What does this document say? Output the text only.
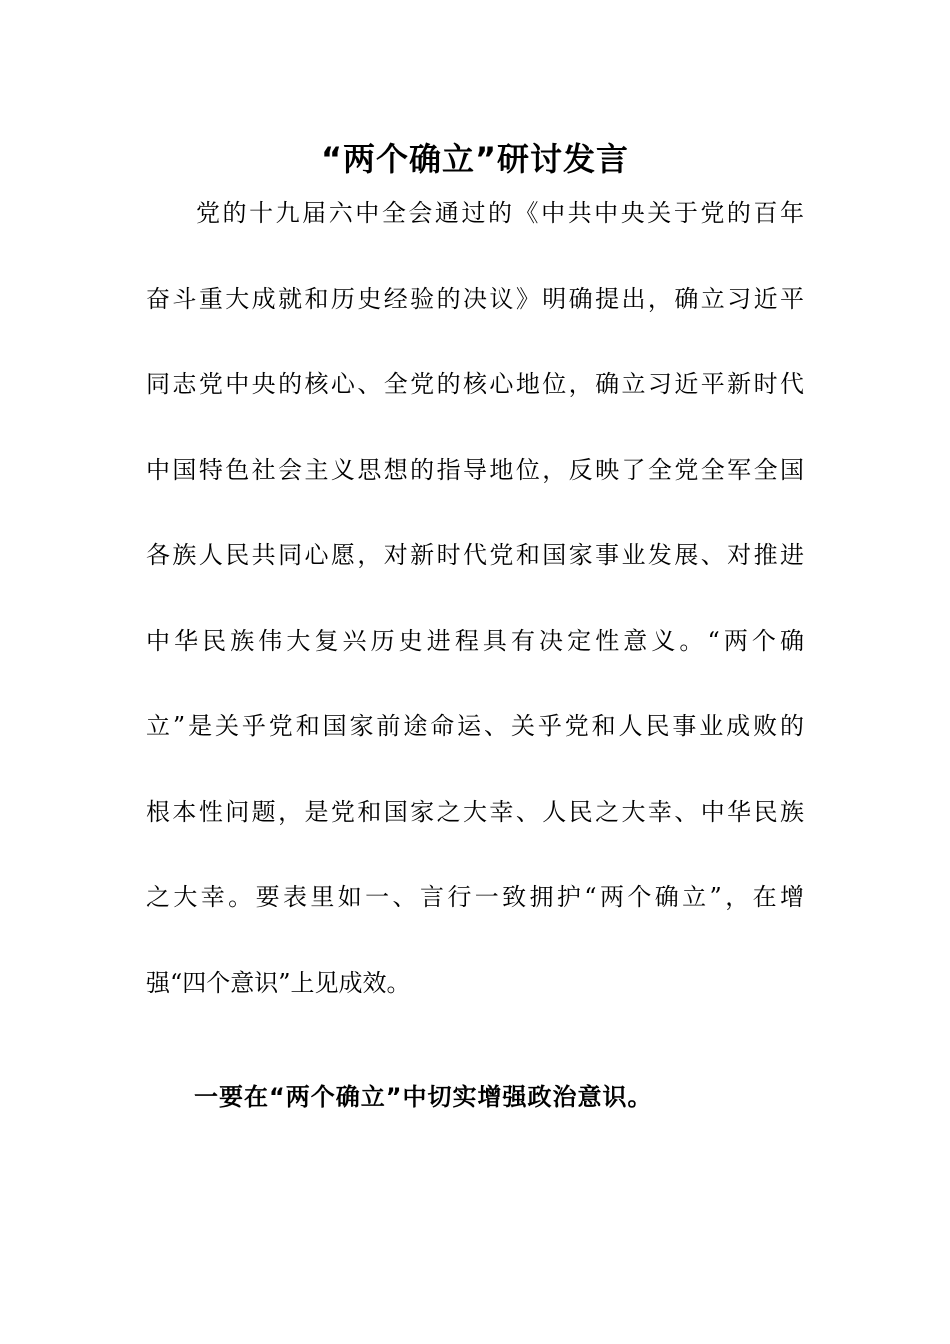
“两个确立”研讨发言
党的十九届六中全会通过的《中共中央关于党的百年
奋斗重大成就和历史经验的决议》明确提出，确立习近平
同志党中央的核心、全党的核心地位，确立习近平新时代
中国特色社会主义思想的指导地位，反映了全党全军全国
各族人民共同心愿，对新时代党和国家事业发展、对推进
中华民族伟大复兴历史进程具有决定性意义。“两个确
立”是关乎党和国家前途命运、关乎党和人民事业成败的
根本性问题，是党和国家之大幸、人民之大幸、中华民族
之大幸。要表里如一、言行一致拥护“两个确立”，在增
强“四个意识”上见成效。
一要在“两个确立”中切实增强政治意识。
